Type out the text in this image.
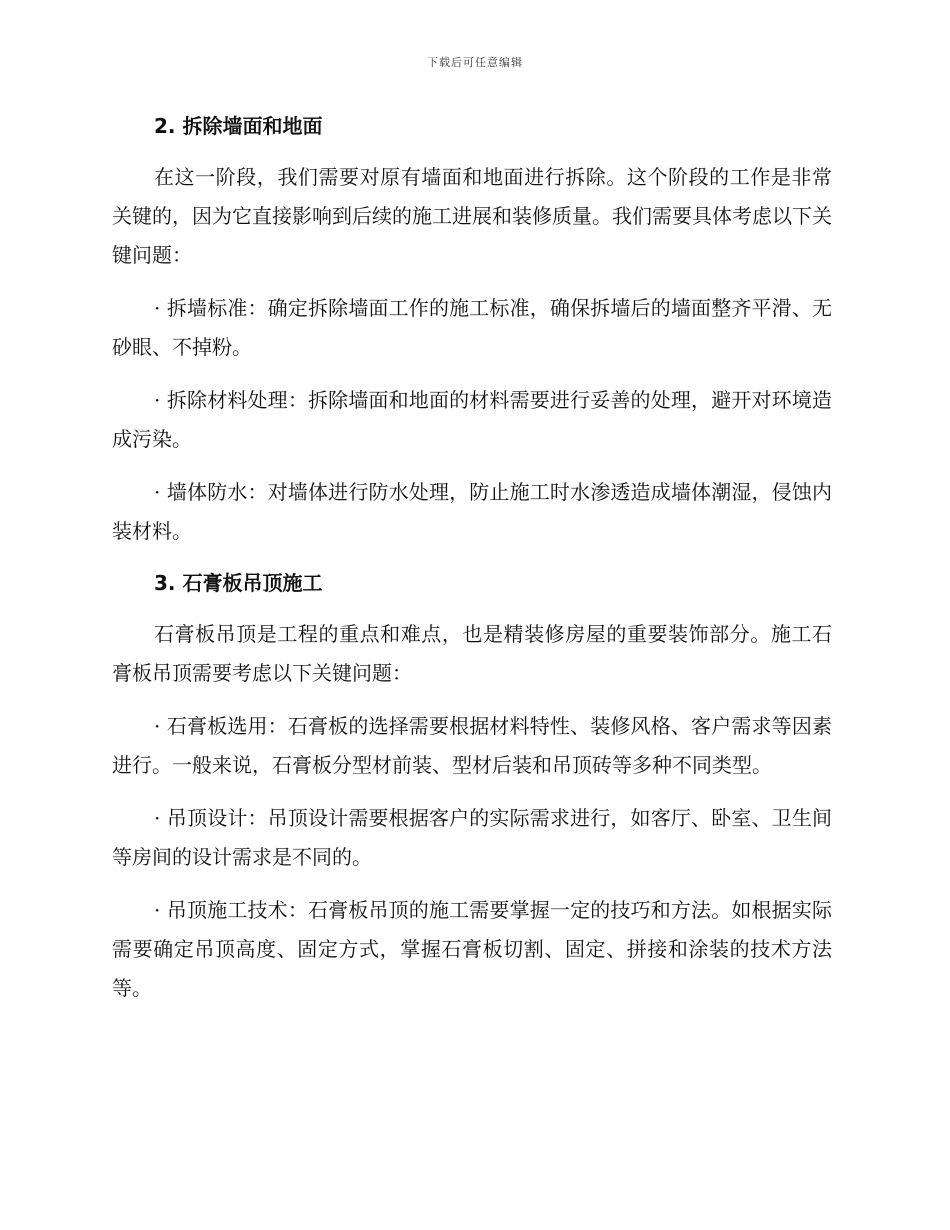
下载后可任意编辑
2. 拆除墙面和地面

在这一阶段，我们需要对原有墙面和地面进行拆除。这个阶段的工作是非常关键的，因为它直接影响到后续的施工进展和装修质量。我们需要具体考虑以下关键问题：

· 拆墙标准：确定拆除墙面工作的施工标准，确保拆墙后的墙面整齐平滑、无砂眼、不掉粉。

· 拆除材料处理：拆除墙面和地面的材料需要进行妥善的处理，避开对环境造成污染。

· 墙体防水：对墙体进行防水处理，防止施工时水渗透造成墙体潮湿，侵蚀内装材料。

3. 石膏板吊顶施工

石膏板吊顶是工程的重点和难点，也是精装修房屋的重要装饰部分。施工石膏板吊顶需要考虑以下关键问题：

· 石膏板选用：石膏板的选择需要根据材料特性、装修风格、客户需求等因素进行。一般来说，石膏板分型材前装、型材后装和吊顶砖等多种不同类型。

· 吊顶设计：吊顶设计需要根据客户的实际需求进行，如客厅、卧室、卫生间等房间的设计需求是不同的。

· 吊顶施工技术：石膏板吊顶的施工需要掌握一定的技巧和方法。如根据实际需要确定吊顶高度、固定方式，掌握石膏板切割、固定、拼接和涂装的技术方法等。
